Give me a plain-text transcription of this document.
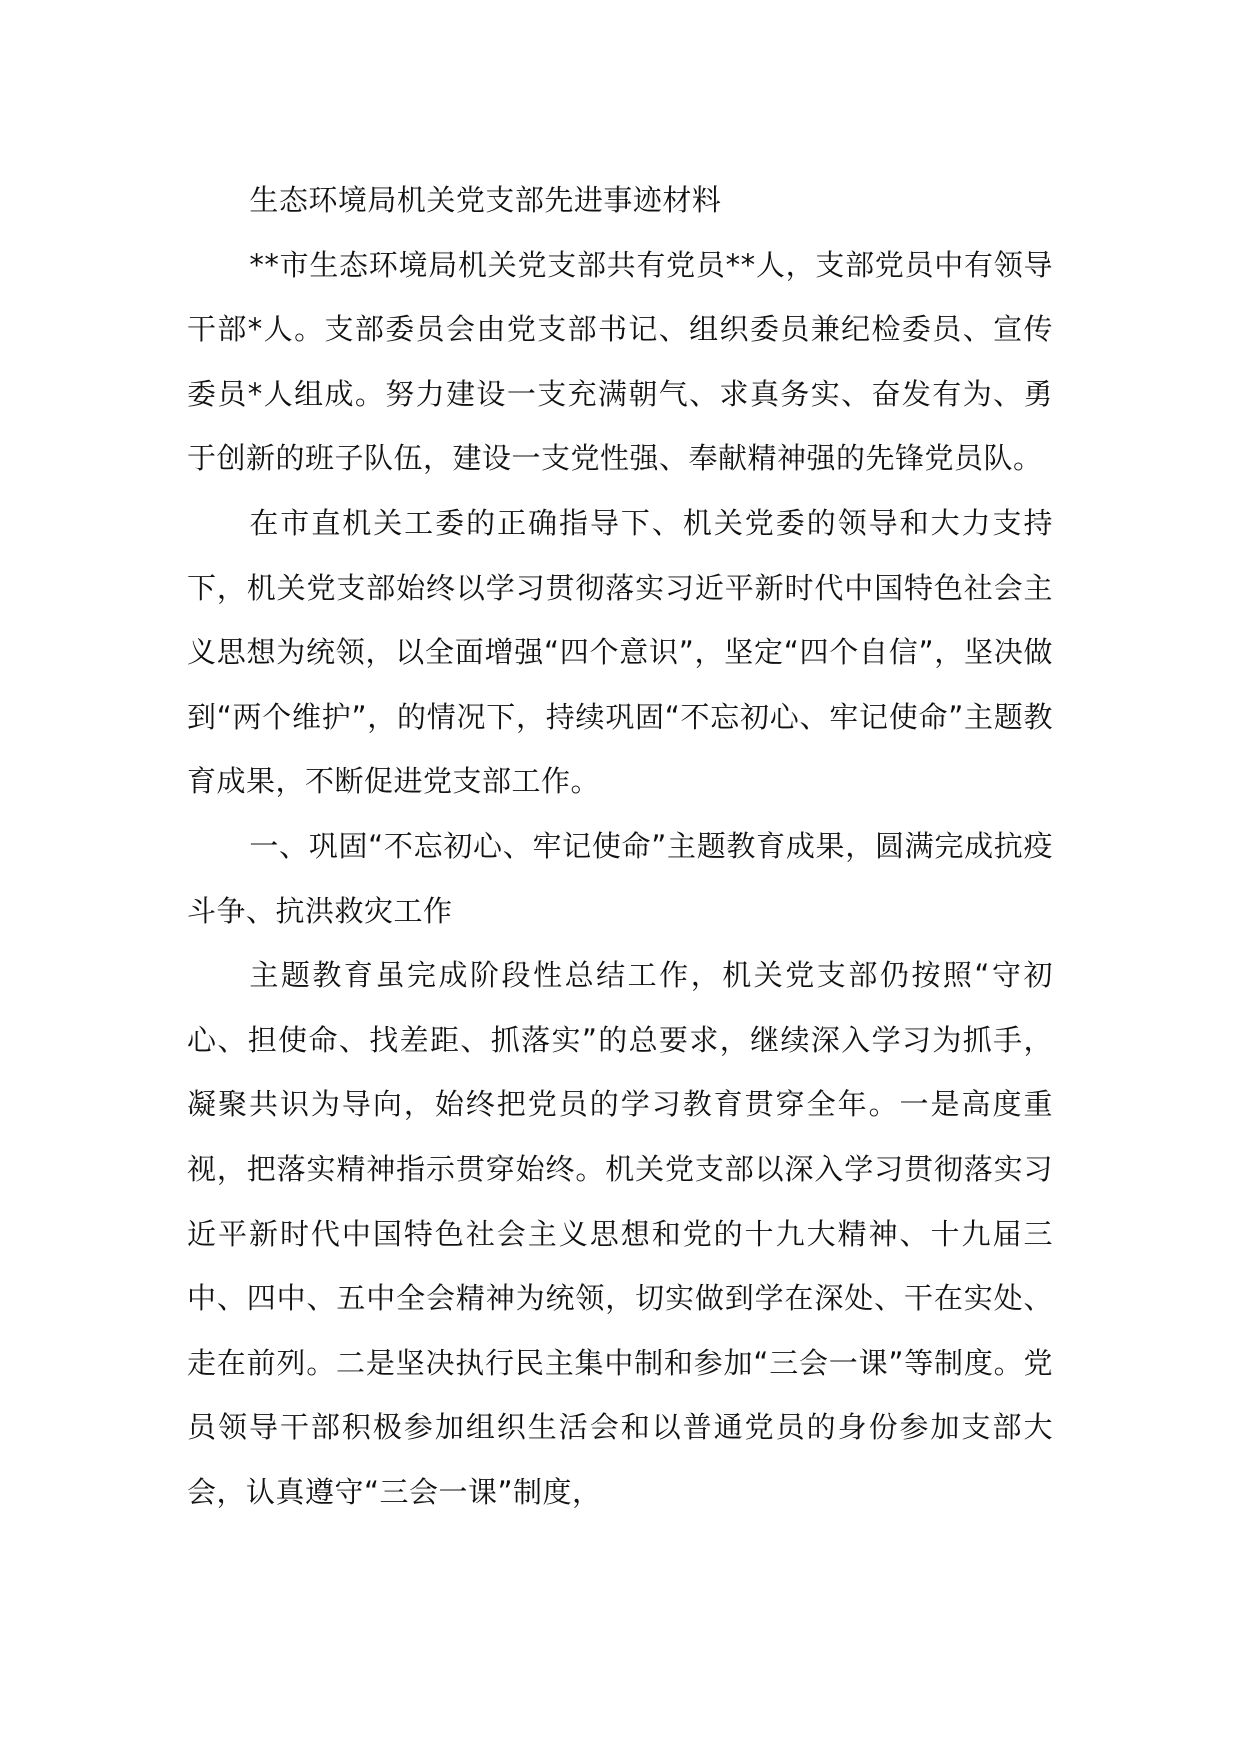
生态环境局机关党支部先进事迹材料

**市生态环境局机关党支部共有党员**人，支部党员中有领导干部*人。支部委员会由党支部书记、组织委员兼纪检委员、宣传委员*人组成。努力建设一支充满朝气、求真务实、奋发有为、勇于创新的班子队伍，建设一支党性强、奉献精神强的先锋党员队。

在市直机关工委的正确指导下、机关党委的领导和大力支持下，机关党支部始终以学习贯彻落实习近平新时代中国特色社会主义思想为统领，以全面增强“四个意识”，坚定“四个自信”，坚决做到“两个维护”，的情况下，持续巩固“不忘初心、牢记使命”主题教育成果，不断促进党支部工作。

一、巩固“不忘初心、牢记使命”主题教育成果，圆满完成抗疫斗争、抗洪救灾工作

主题教育虽完成阶段性总结工作，机关党支部仍按照“守初心、担使命、找差距、抓落实”的总要求，继续深入学习为抓手，凝聚共识为导向，始终把党员的学习教育贯穿全年。一是高度重视，把落实精神指示贯穿始终。机关党支部以深入学习贯彻落实习近平新时代中国特色社会主义思想和党的十九大精神、十九届三中、四中、五中全会精神为统领，切实做到学在深处、干在实处、走在前列。二是坚决执行民主集中制和参加“三会一课”等制度。党员领导干部积极参加组织生活会和以普通党员的身份参加支部大会，认真遵守“三会一课”制度，
